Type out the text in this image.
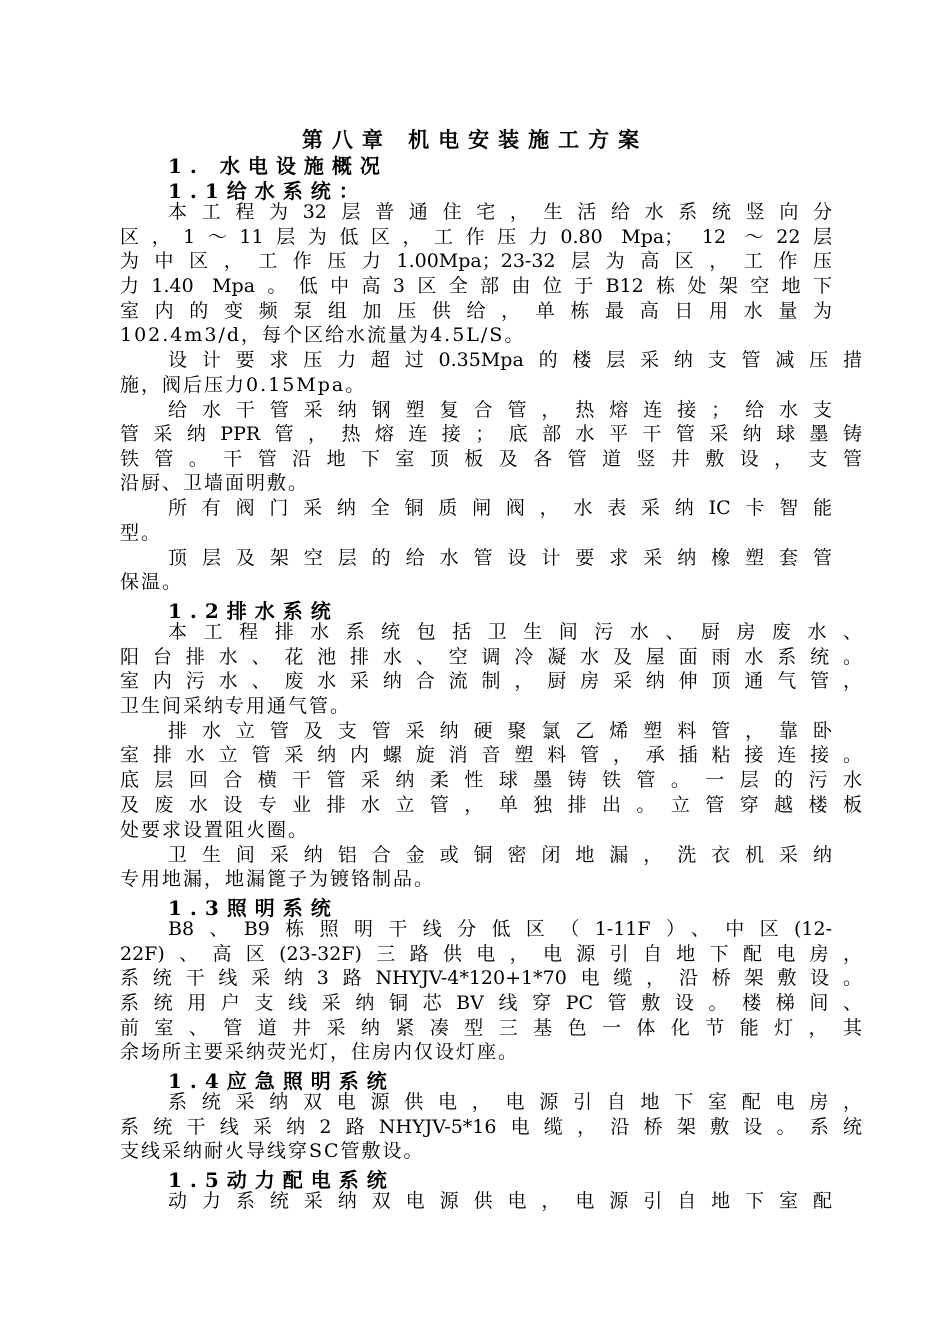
第八章 机电安装施工方案
1. 水电设施概况
1.1给水系统：
本工程为32层普通住宅，生活给水系统竖向分
区，1～11层为低区，工作压力0.80 Mpa； 12 ～22层
为中区，工作压力1.00Mpa；23-32层为高区，工作压
力1.40 Mpa。低中高3区全部由位于B12栋处架空地下
室内的变频泵组加压供给，单栋最高日用水量为
102.4m3/d，每个区给水流量为4.5L/S。
设计要求压力超过0.35Mpa的楼层采纳支管减压措
施，阀后压力0.15Mpa。
给水干管采纳钢塑复合管，热熔连接；给水支
管采纳PPR管，热熔连接；底部水平干管采纳球墨铸
铁管。干管沿地下室顶板及各管道竖井敷设，支管
沿厨、卫墙面明敷。
所有阀门采纳全铜质闸阀，水表采纳IC卡智能
型。
顶层及架空层的给水管设计要求采纳橡塑套管
保温。
1.2排水系统
本工程排水系统包括卫生间污水、厨房废水、
阳台排水、花池排水、空调冷凝水及屋面雨水系统。
室内污水、废水采纳合流制，厨房采纳伸顶通气管，
卫生间采纳专用通气管。
排水立管及支管采纳硬聚氯乙烯塑料管，靠卧
室排水立管采纳内螺旋消音塑料管，承插粘接连接。
底层回合横干管采纳柔性球墨铸铁管。一层的污水
及废水设专业排水立管，单独排出。立管穿越楼板
处要求设置阻火圈。
卫生间采纳铝合金或铜密闭地漏，洗衣机采纳
专用地漏，地漏篦子为镀铬制品。
1.3照明系统
B8、B9栋照明干线分低区（1-11F）、中区(12-
22F)、高区(23-32F)三路供电，电源引自地下配电房，
系统干线采纳3路NHYJV-4*120+1*70电缆，沿桥架敷设。
系统用户支线采纳铜芯BV线穿PC管敷设。楼梯间、
前室、管道井采纳紧凑型三基色一体化节能灯，其
余场所主要采纳荧光灯，住房内仅设灯座。
1.4应急照明系统
系统采纳双电源供电，电源引自地下室配电房，
系统干线采纳2路NHYJV-5*16电缆，沿桥架敷设。系统
支线采纳耐火导线穿SC管敷设。
1.5动力配电系统
动力系统采纳双电源供电，电源引自地下室配
